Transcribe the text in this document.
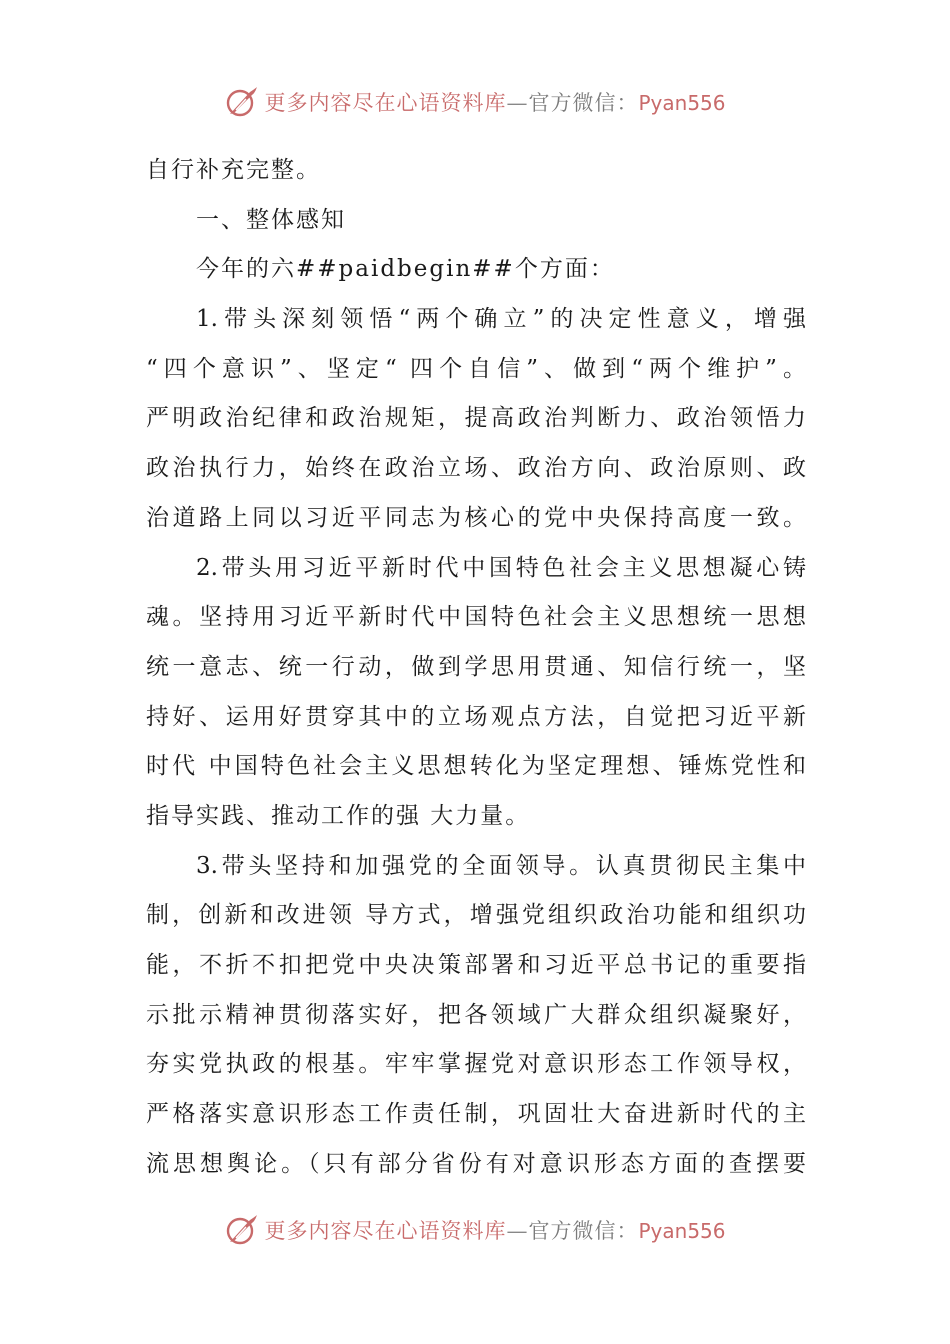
更多内容尽在心语资料库—官方微信：Pyan556
自行补充完整。
一、整体感知
今年的六##paidbegin##个方面：
1.带头深刻领悟“两个确立”的决定性意义，增强
“四个意识”、坚定“ 四个自信”、做到“两个维护”。
严明政治纪律和政治规矩，提高政治判断力、政治领悟力
政治执行力，始终在政治立场、政治方向、政治原则、政
治道路上同以习近平同志为核心的党中央保持高度一致。
2.带头用习近平新时代中国特色社会主义思想凝心铸
魂。坚持用习近平新时代中国特色社会主义思想统一思想
统一意志、统一行动，做到学思用贯通、知信行统一，坚
持好、运用好贯穿其中的立场观点方法，自觉把习近平新
时代 中国特色社会主义思想转化为坚定理想、锤炼党性和
指导实践、推动工作的强 大力量。
3.带头坚持和加强党的全面领导。认真贯彻民主集中
制，创新和改进领 导方式，增强党组织政治功能和组织功
能，不折不扣把党中央决策部署和习近平总书记的重要指
示批示精神贯彻落实好，把各领域广大群众组织凝聚好，
夯实党执政的根基。牢牢掌握党对意识形态工作领导权，
严格落实意识形态工作责任制，巩固壮大奋进新时代的主
流思想舆论。（只有部分省份有对意识形态方面的查摆要
更多内容尽在心语资料库—官方微信：Pyan556
